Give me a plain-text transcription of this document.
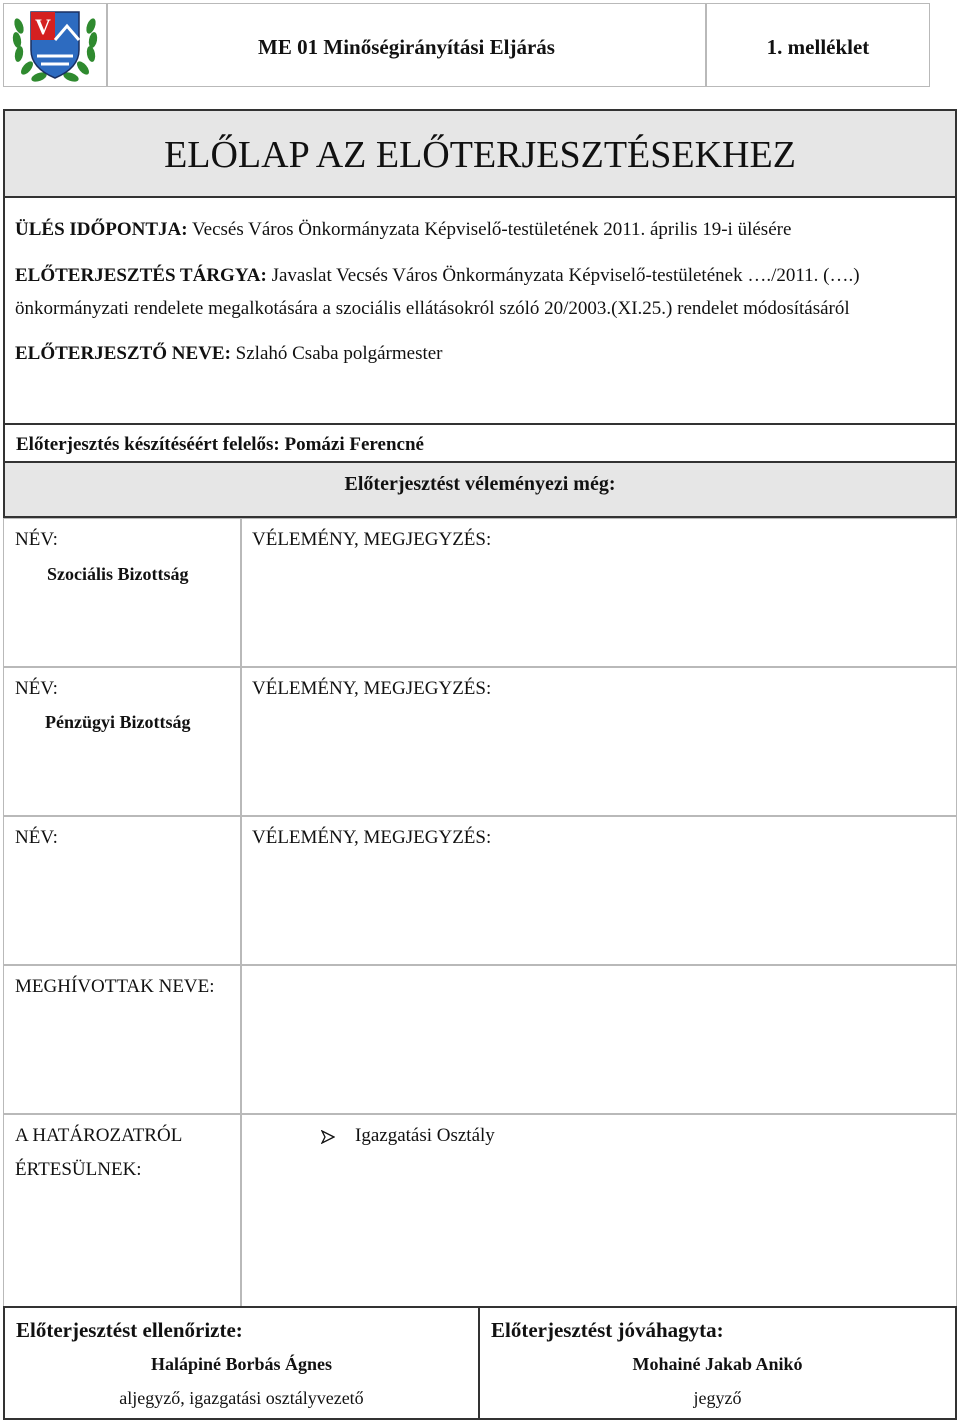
V
ME 01 Minőségirányítási Eljárás	1. melléklet
ELŐLAP AZ ELŐTERJESZTÉSEKHEZ
ÜLÉS IDŐPONTJA: Vecsés Város Önkormányzata Képviselő-testületének 2011. április 19-i ülésére
ELŐTERJESZTÉS TÁRGYA: Javaslat Vecsés Város Önkormányzata Képviselő-testületének …./2011. (….)
önkormányzati rendelete megalkotására a szociális ellátásokról szóló 20/2003.(XI.25.) rendelet módosításáról
ELŐTERJESZTŐ NEVE: Szlahó Csaba polgármester
Előterjesztés készítéséért felelős: Pomázi Ferencné
Előterjesztést véleményezi még:
NÉV:
Szociális Bizottság
VÉLEMÉNY, MEGJEGYZÉS:
NÉV:
Pénzügyi Bizottság
VÉLEMÉNY, MEGJEGYZÉS:
NÉV:	VÉLEMÉNY, MEGJEGYZÉS:
MEGHÍVOTTAK NEVE:
A HATÁROZATRÓL
ÉRTESÜLNEK:
Igazgatási Osztály
Előterjesztést ellenőrizte:
Halápiné Borbás Ágnes
aljegyző, igazgatási osztályvezető
Előterjesztést jóváhagyta:
Mohainé Jakab Anikó
jegyző
